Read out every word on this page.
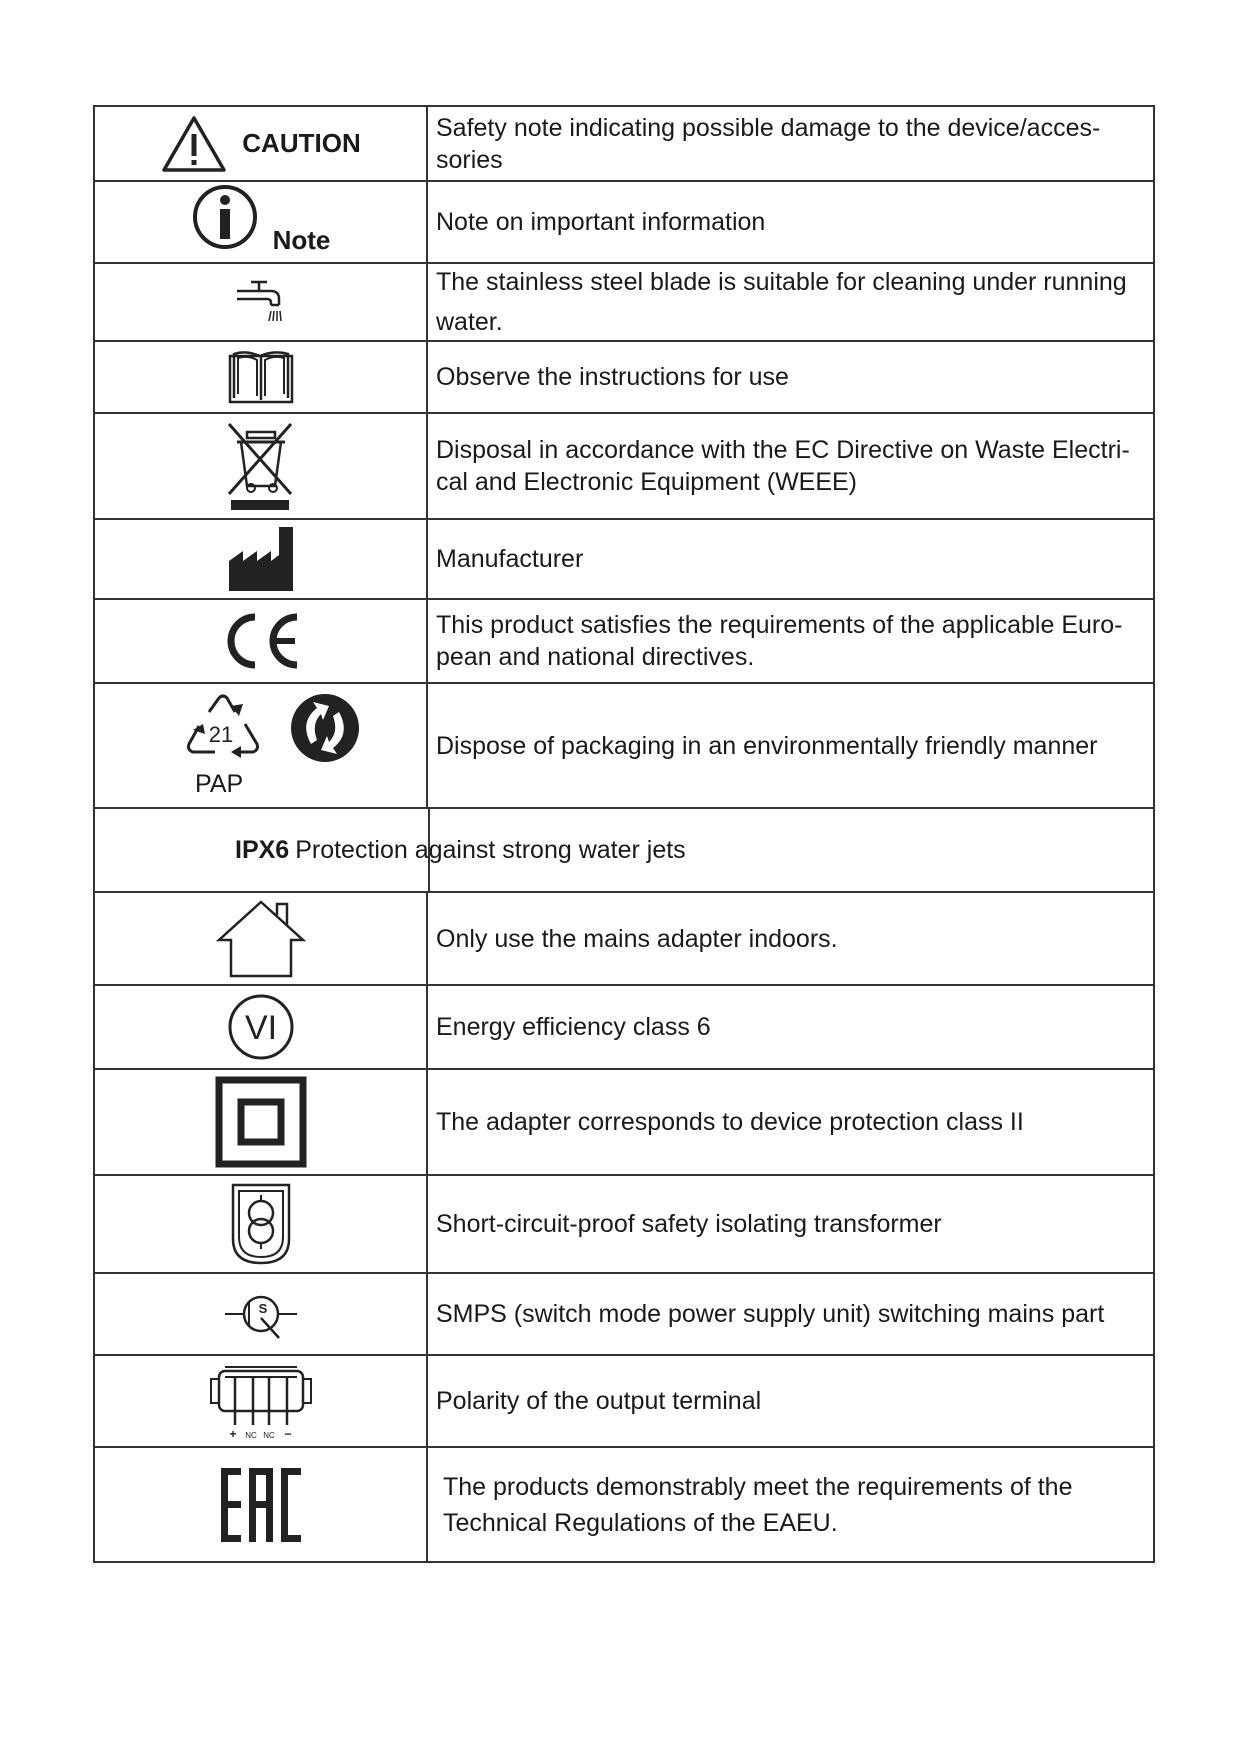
CAUTION
Safety note indicating possible damage to the device/acces-
sories
Note
Note on important information
The stainless steel blade is suitable for cleaning under running water.
Observe the instructions for use
Disposal in accordance with the EC Directive on Waste Electri-
cal and Electronic Equipment (WEEE)
Manufacturer
This product satisfies the requirements of the applicable Euro-
pean and national directives.
21
PAP
Dispose of packaging in an environmentally friendly manner
IPX6 Protection against strong water jets
Only use the mains adapter indoors.
VI	Energy efficiency class 6
The adapter corresponds to device protection class II
Short-circuit-proof safety isolating transformer
S	SMPS (switch mode power supply unit) switching mains part
+ NC NC −
Polarity of the output terminal
The products demonstrably meet the requirements of the Technical Regulations of the EAEU.
